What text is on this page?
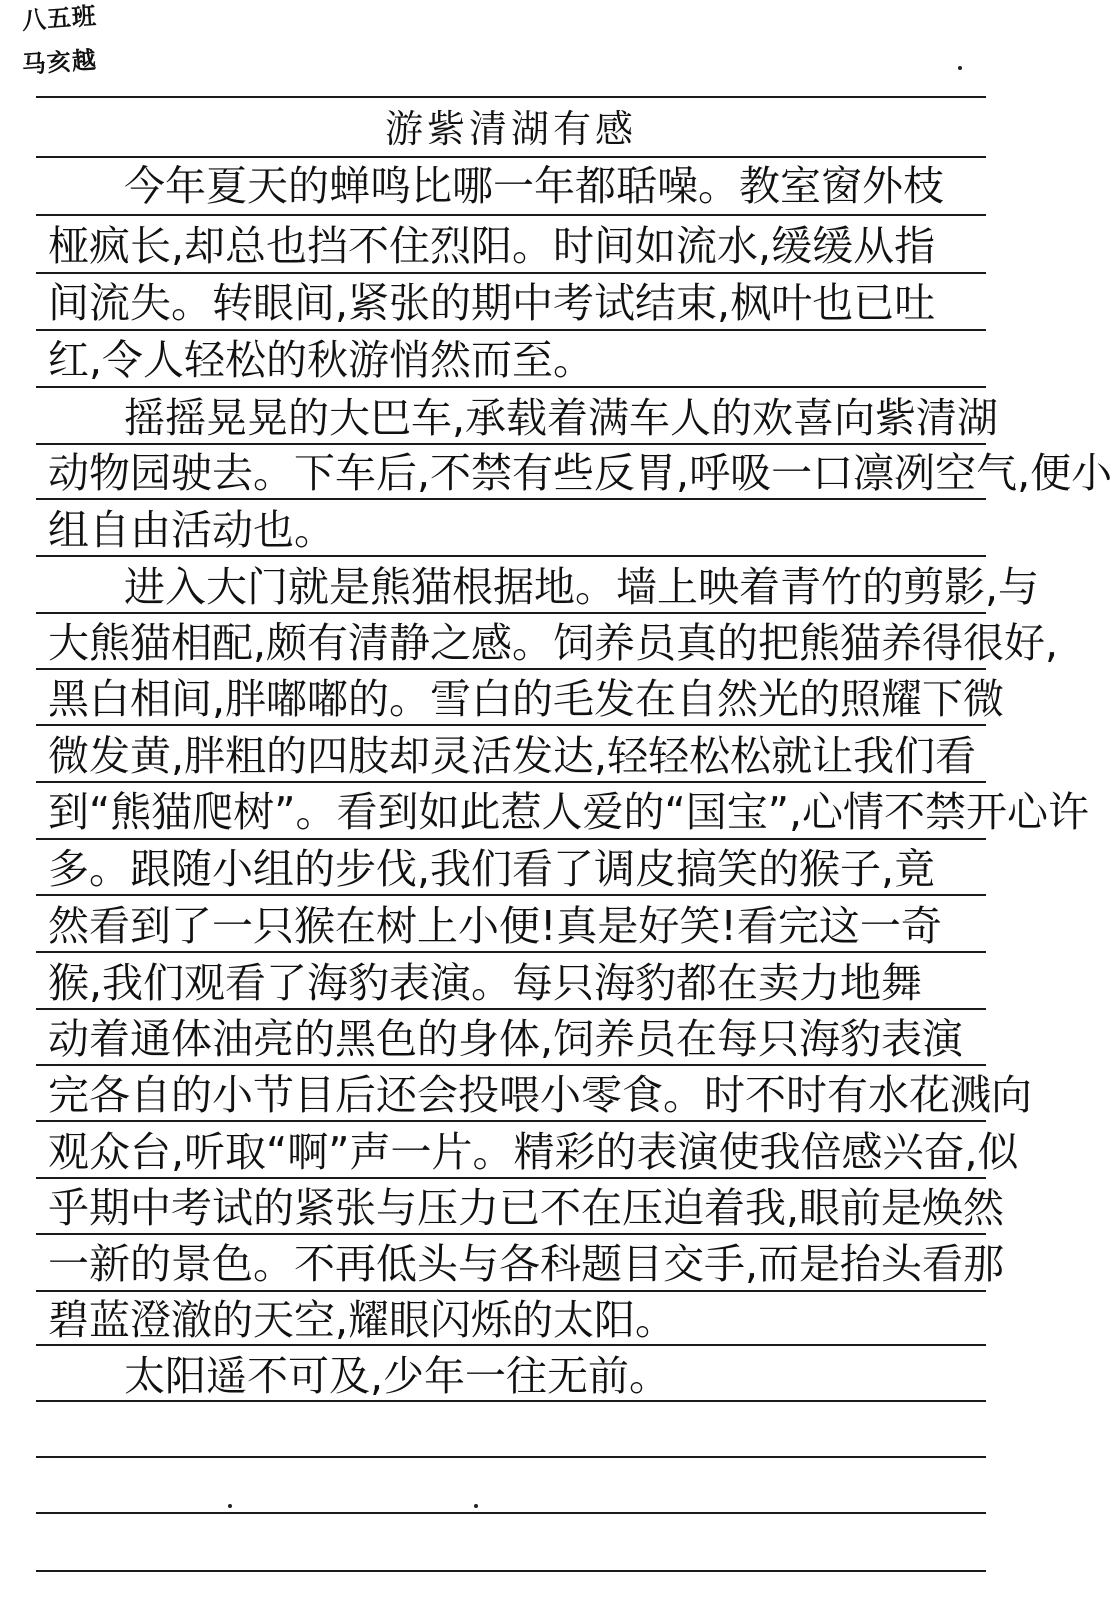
八五班
马亥越
游紫清湖有感
今年夏天的蝉鸣比哪一年都聒噪。教室窗外枝
桠疯长,却总也挡不住烈阳。时间如流水,缓缓从指
间流失。转眼间,紧张的期中考试结束,枫叶也已吐
红,令人轻松的秋游悄然而至。
摇摇晃晃的大巴车,承载着满车人的欢喜向紫清湖
动物园驶去。下车后,不禁有些反胃,呼吸一口凛冽空气,便小
组自由活动也。
进入大门就是熊猫根据地。墙上映着青竹的剪影,与
大熊猫相配,颇有清静之感。饲养员真的把熊猫养得很好,
黑白相间,胖嘟嘟的。雪白的毛发在自然光的照耀下微
微发黄,胖粗的四肢却灵活发达,轻轻松松就让我们看
到“熊猫爬树”。看到如此惹人爱的“国宝”,心情不禁开心许
多。跟随小组的步伐,我们看了调皮搞笑的猴子,竟
然看到了一只猴在树上小便!真是好笑!看完这一奇
猴,我们观看了海豹表演。每只海豹都在卖力地舞
动着通体油亮的黑色的身体,饲养员在每只海豹表演
完各自的小节目后还会投喂小零食。时不时有水花溅向
观众台,听取“啊”声一片。精彩的表演使我倍感兴奋,似
乎期中考试的紧张与压力已不在压迫着我,眼前是焕然
一新的景色。不再低头与各科题目交手,而是抬头看那
碧蓝澄澈的天空,耀眼闪烁的太阳。
太阳遥不可及,少年一往无前。
